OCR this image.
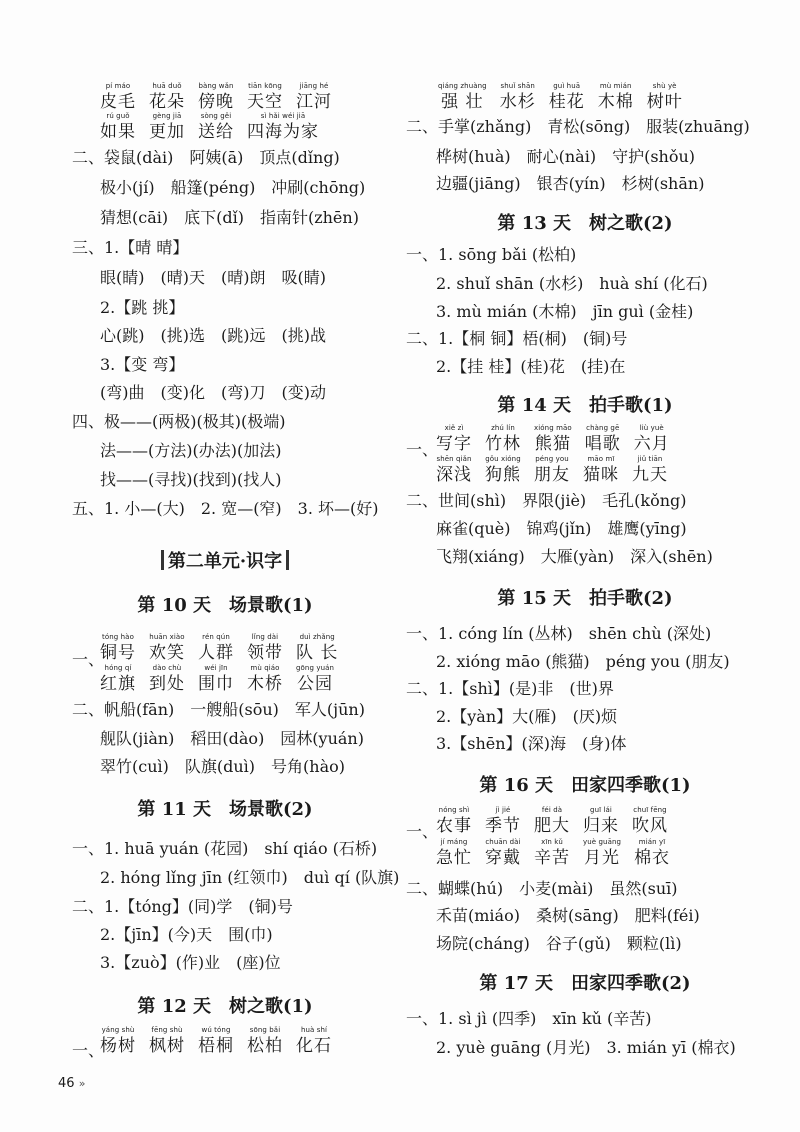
pí máo
皮毛
huā duǒ
花朵
bàng wǎn
傍晚
tiān kōng
天空
jiāng hé
江河
rú guǒ
如果
gèng jiā
更加
sòng gěi
送给
sì hǎi wéi jiā
四海为家
二、袋鼠(dài)　阿姨(ā)　顶点(dǐng)
极小(jí)　船篷(péng)　冲刷(chōng)
猜想(cāi)　底下(dǐ)　指南针(zhēn)
三、1.【晴 晴】
眼(睛)　(晴)天　(晴)朗　吸(睛)
2.【跳 挑】
心(跳)　(挑)选　(跳)远　(挑)战
3.【变 弯】
(弯)曲　(变)化　(弯)刀　(变)动
四、极——(两极)(极其)(极端)
法——(方法)(办法)(加法)
找——(寻找)(找到)(找人)
五、1. 小—(大)　2. 宽—(窄)　3. 坏—(好)
第二单元·识字
第 10 天　场景歌(1)
一、
tóng hào
铜号
huān xiào
欢笑
rén qún
人群
lǐng dài
领带
duì zhǎng
队 长
hóng qí
红旗
dào chù
到处
wéi jīn
围巾
mù qiáo
木桥
gōng yuán
公园
二、帆船(fān)　一艘船(sōu)　军人(jūn)
舰队(jiàn)　稻田(dào)　园林(yuán)
翠竹(cuì)　队旗(duì)　号角(hào)
第 11 天　场景歌(2)
一、1. huā yuán (花园)　shí qiáo (石桥)
2. hóng lǐng jīn (红领巾)　duì qí (队旗)
二、1.【tóng】(同)学　(铜)号
2.【jīn】(今)天　围(巾)
3.【zuò】(作)业　(座)位
第 12 天　树之歌(1)
一、
yáng shù
杨树
fēng shù
枫树
wú tóng
梧桐
sōng bǎi
松柏
huà shí
化石
46 »
qiáng zhuàng
强 壮
shuǐ shān
水杉
guì huā
桂花
mù mián
木棉
shù yè
树叶
二、手掌(zhǎng)　青松(sōng)　服装(zhuāng)
桦树(huà)　耐心(nài)　守护(shǒu)
边疆(jiāng)　银杏(yín)　杉树(shān)
第 13 天　树之歌(2)
一、1. sōng bǎi (松柏)
2. shuǐ shān (水杉)　huà shí (化石)
3. mù mián (木棉)　jīn guì (金桂)
二、1.【桐 铜】梧(桐)　(铜)号
2.【挂 桂】(桂)花　(挂)在
第 14 天　拍手歌(1)
一、
xiě zì
写字
zhú lín
竹林
xióng māo
熊猫
chàng gē
唱歌
liù yuè
六月
shēn qiǎn
深浅
gǒu xióng
狗熊
péng you
朋友
māo mī
猫咪
jiǔ tiān
九天
二、世间(shì)　界限(jiè)　毛孔(kǒng)
麻雀(què)　锦鸡(jǐn)　雄鹰(yīng)
飞翔(xiáng)　大雁(yàn)　深入(shēn)
第 15 天　拍手歌(2)
一、1. cóng lín (丛林)　shēn chù (深处)
2. xióng māo (熊猫)　péng you (朋友)
二、1.【shì】(是)非　(世)界
2.【yàn】大(雁)　(厌)烦
3.【shēn】(深)海　(身)体
第 16 天　田家四季歌(1)
一、
nóng shì
农事
jì jié
季节
féi dà
肥大
guī lái
归来
chuī fēng
吹风
jí máng
急忙
chuān dài
穿戴
xīn kǔ
辛苦
yuè guāng
月光
mián yī
棉衣
二、蝴蝶(hú)　小麦(mài)　虽然(suī)
禾苗(miáo)　桑树(sāng)　肥料(féi)
场院(cháng)　谷子(gǔ)　颗粒(lì)
第 17 天　田家四季歌(2)
一、1. sì jì (四季)　xīn kǔ (辛苦)
2. yuè guāng (月光)　3. mián yī (棉衣)
